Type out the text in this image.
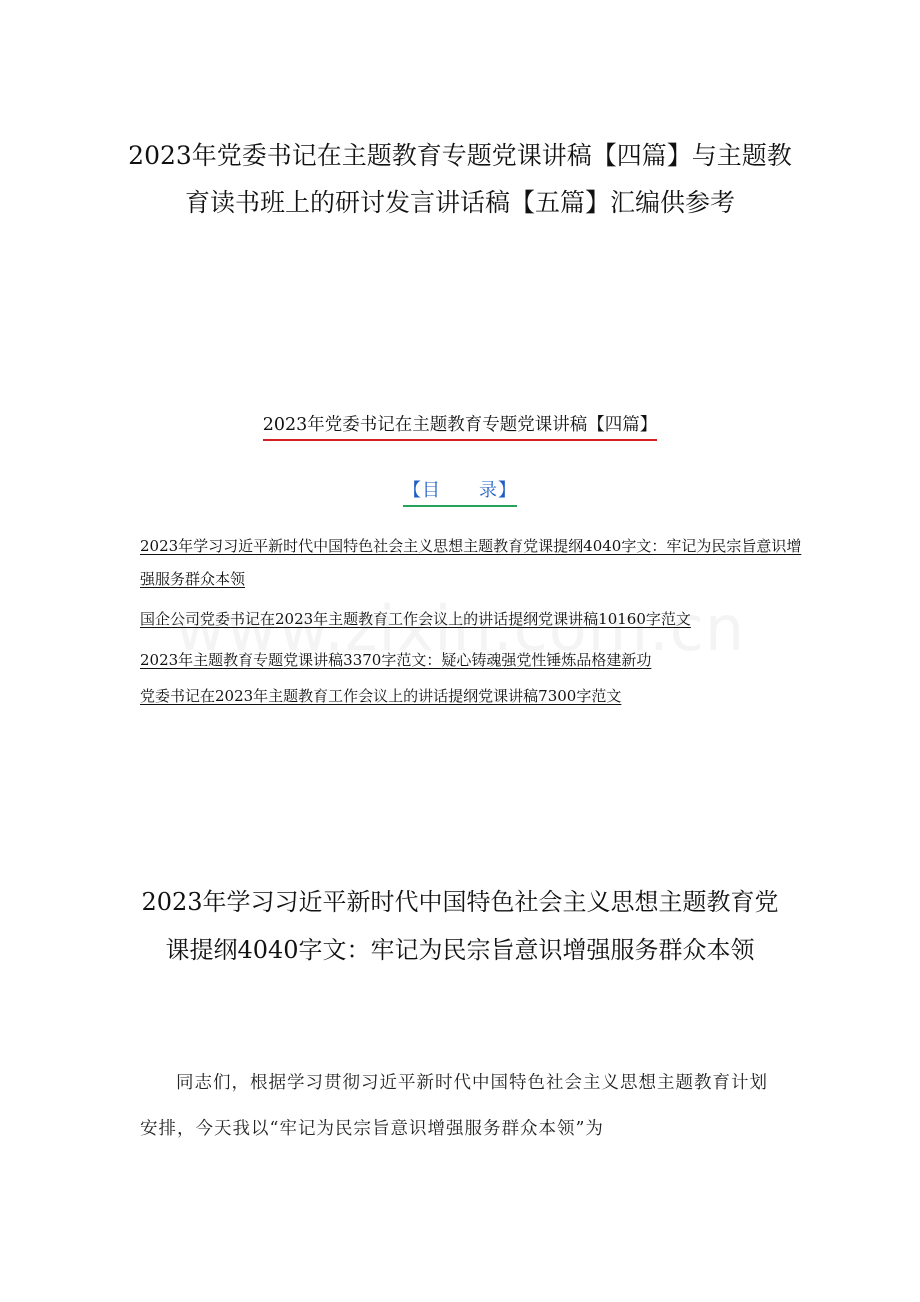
2023年党委书记在主题教育专题党课讲稿【四篇】与主题教育读书班上的研讨发言讲话稿【五篇】汇编供参考
2023年党委书记在主题教育专题党课讲稿【四篇】
【目　　录】
2023年学习习近平新时代中国特色社会主义思想主题教育党课提纲4040字文：牢记为民宗旨意识增强服务群众本领
国企公司党委书记在2023年主题教育工作会议上的讲话提纲党课讲稿10160字范文
2023年主题教育专题党课讲稿3370字范文：疑心铸魂强党性锤炼品格建新功
党委书记在2023年主题教育工作会议上的讲话提纲党课讲稿7300字范文
2023年学习习近平新时代中国特色社会主义思想主题教育党课提纲4040字文：牢记为民宗旨意识增强服务群众本领

同志们，根据学习贯彻习近平新时代中国特色社会主义思想主题教育计划安排，今天我以“牢记为民宗旨意识增强服务群众本领”为
